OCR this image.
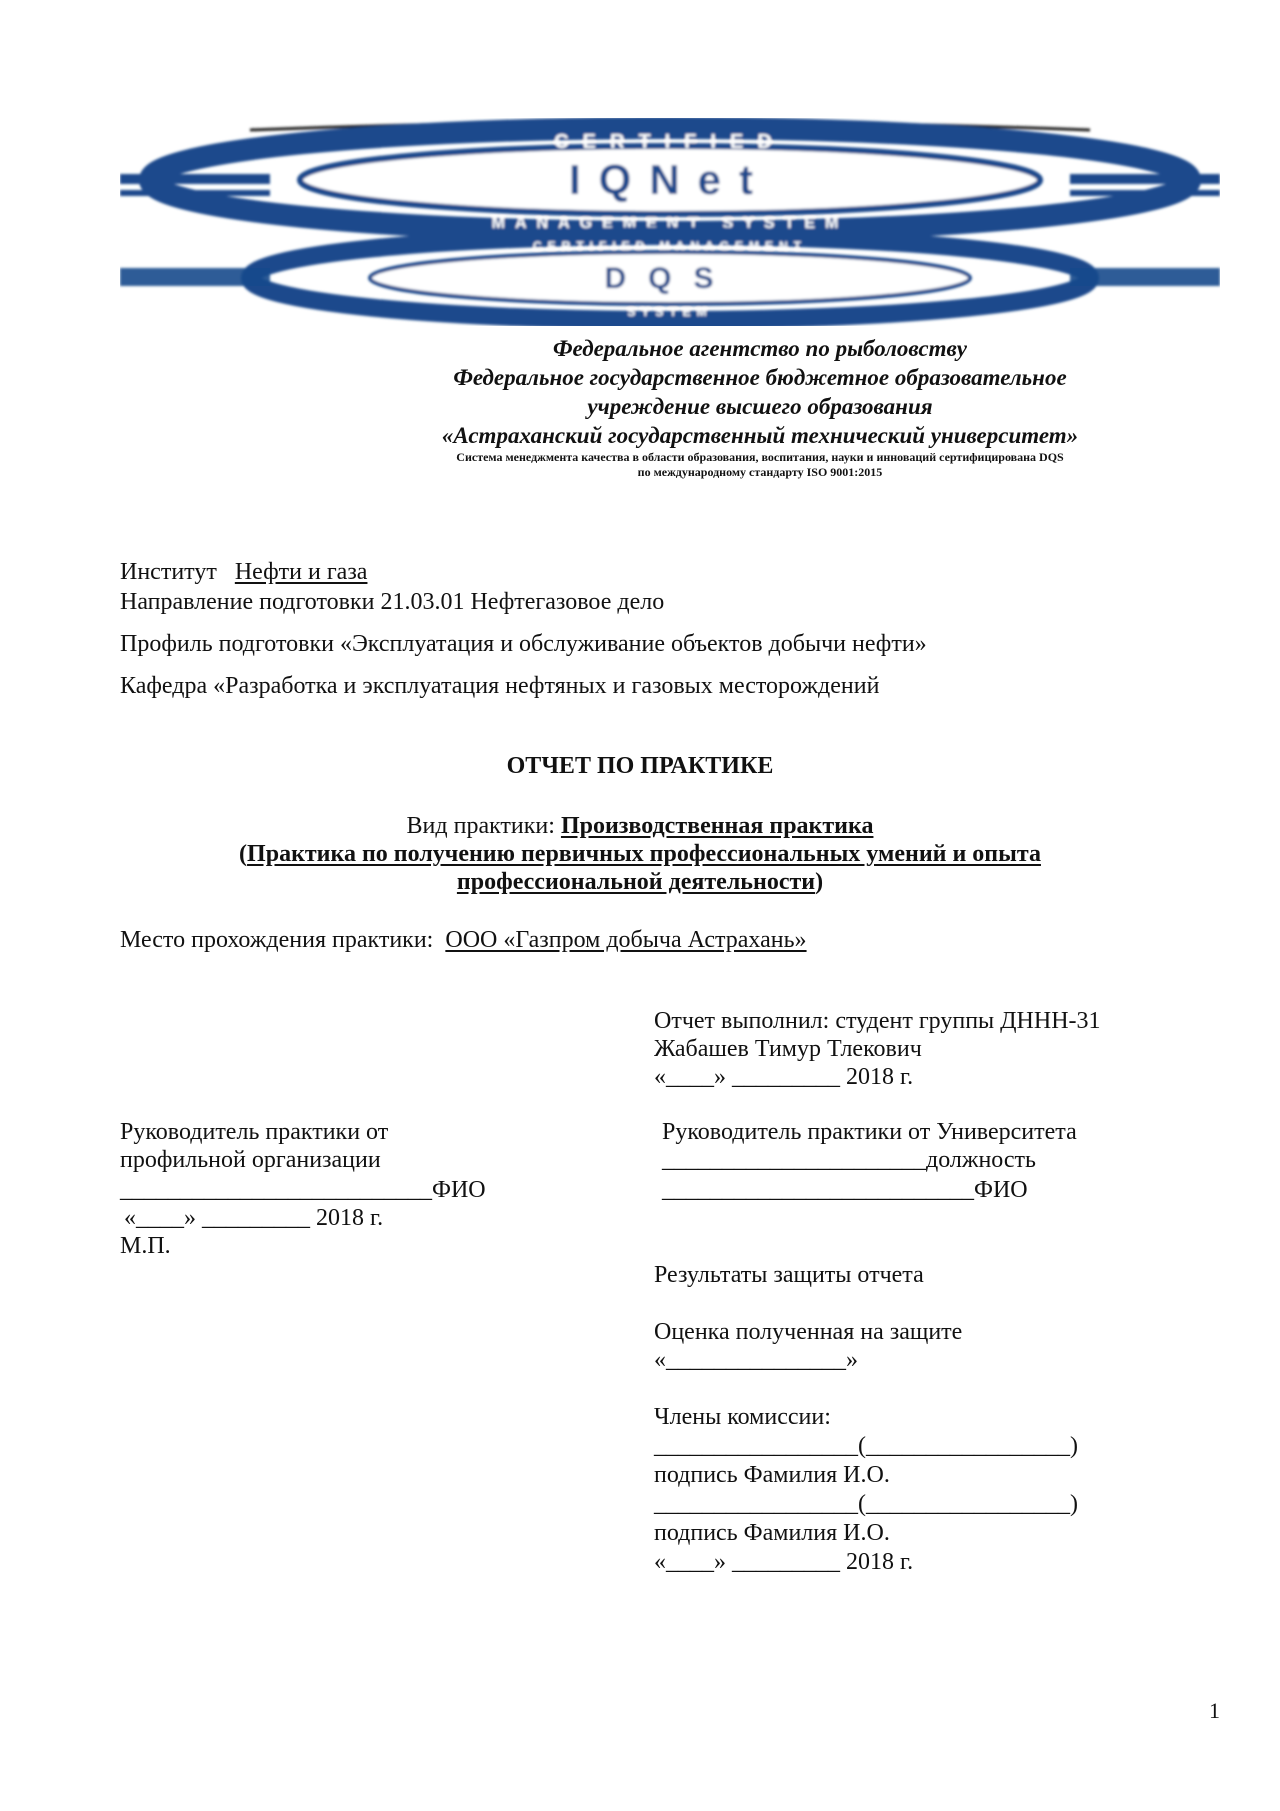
CERTIFIED
IQNet
MANAGEMENT SYSTEM
CERTIFIED MANAGEMENT
DQS
SYSTEM
Федеральное агентство по рыболовству
Федеральное государственное бюджетное образовательное
учреждение высшего образования
«Астраханский государственный технический университет»
Система менеджмента качества в области образования, воспитания, науки и инноваций сертифицирована DQS
по международному стандарту ISO 9001:2015
Институт Нефти и газа
Направление подготовки 21.03.01 Нефтегазовое дело
Профиль подготовки «Эксплуатация и обслуживание объектов добычи нефти»
Кафедра «Разработка и эксплуатация нефтяных и газовых месторождений
ОТЧЕТ ПО ПРАКТИКЕ
Вид практики: Производственная практика
(Практика по получению первичных профессиональных умений и опыта
профессиональной деятельности)
Место прохождения практики: ООО «Газпром добыча Астрахань»
Отчет выполнил: студент группы ДННН-31
Жабашев Тимур Тлекович
«____» _________ 2018 г.
Руководитель практики от
профильной организации
__________________________ФИО
«____» _________ 2018 г.
М.П.
Руководитель практики от Университета
______________________должность
__________________________ФИО
Результаты защиты отчета
Оценка полученная на защите
«_______________»
Члены комиссии:
_________________(_________________)
подпись Фамилия И.О.
_________________(_________________)
подпись Фамилия И.О.
«____» _________ 2018 г.
1
